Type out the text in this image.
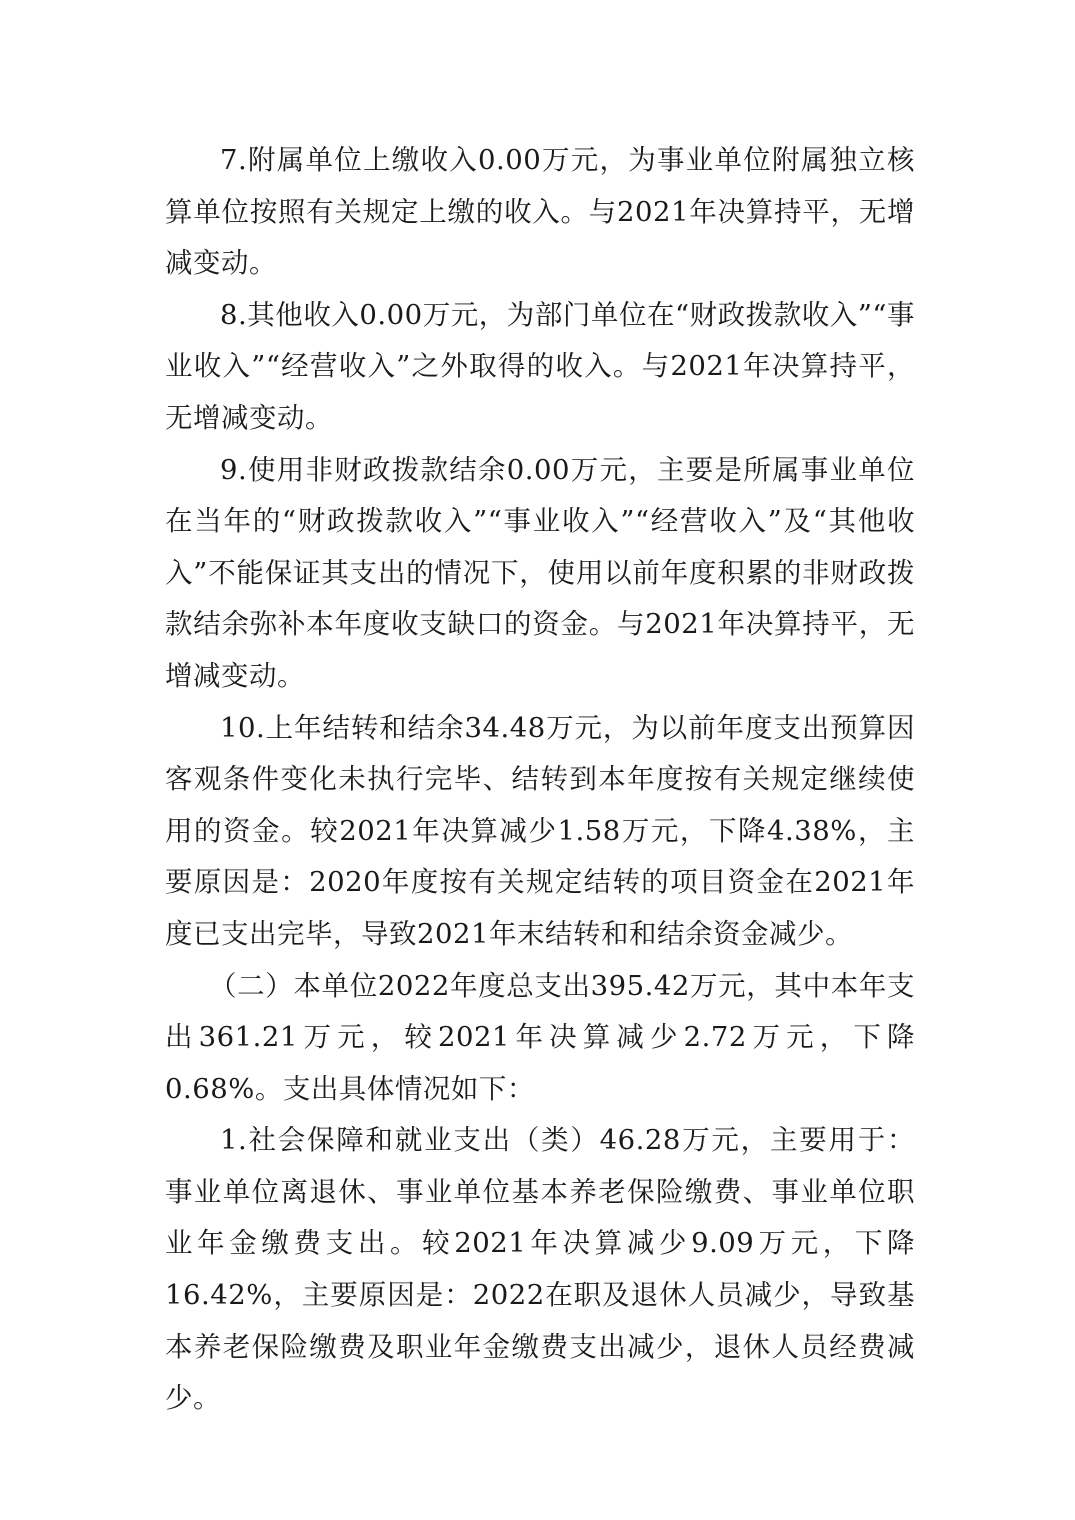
7.附属单位上缴收入0.00万元，为事业单位附属独立核算单位按照有关规定上缴的收入。与2021年决算持平，无增减变动。

8.其他收入0.00万元，为部门单位在“财政拨款收入”“事业收入”“经营收入”之外取得的收入。与2021年决算持平，无增减变动。

9.使用非财政拨款结余0.00万元，主要是所属事业单位在当年的“财政拨款收入”“事业收入”“经营收入”及“其他收入”不能保证其支出的情况下，使用以前年度积累的非财政拨款结余弥补本年度收支缺口的资金。与2021年决算持平，无增减变动。

10.上年结转和结余34.48万元，为以前年度支出预算因客观条件变化未执行完毕、结转到本年度按有关规定继续使用的资金。较2021年决算减少1.58万元，下降4.38%，主要原因是：2020年度按有关规定结转的项目资金在2021年度已支出完毕，导致2021年末结转和和结余资金减少。

（二）本单位2022年度总支出395.42万元，其中本年支出361.21万元，较2021年决算减少2.72万元，下降0.68%。支出具体情况如下：

1.社会保障和就业支出（类）46.28万元，主要用于：事业单位离退休、事业单位基本养老保险缴费、事业单位职业年金缴费支出。较2021年决算减少9.09万元，下降16.42%，主要原因是：2022在职及退休人员减少，导致基本养老保险缴费及职业年金缴费支出减少，退休人员经费减少。
